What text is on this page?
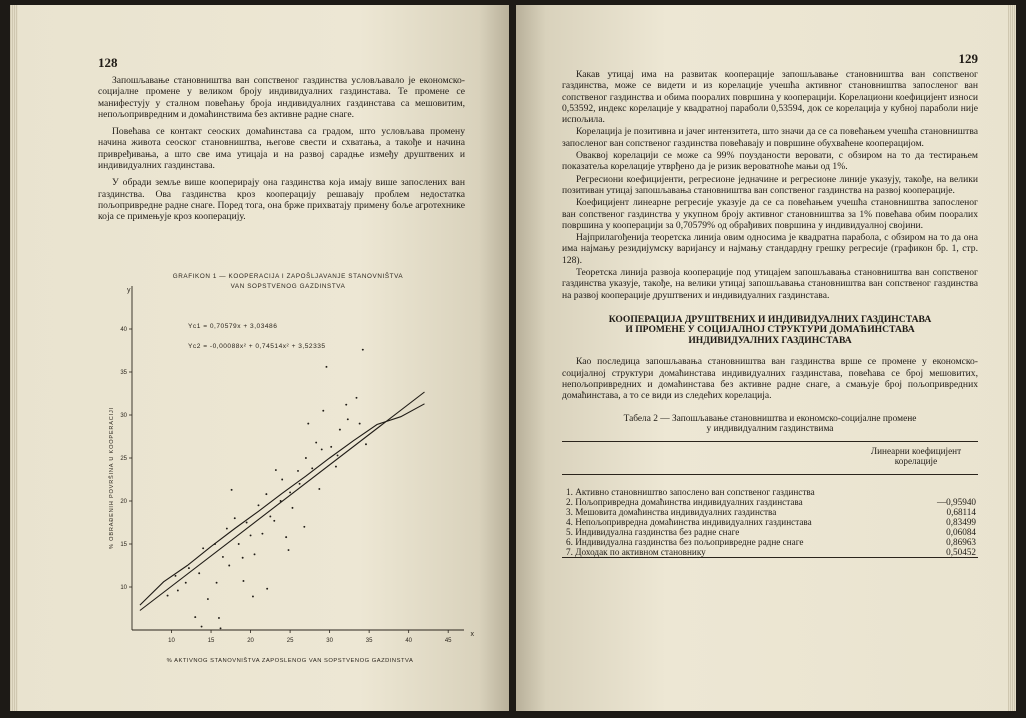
128

Запошљавање становништва ван сопственог газдинства условљавало је економско-социјалне промене у великом броју индивидуалних газдинстава. Те промене се манифестују у сталном повећању броја индивидуалних газдинстава са мешовитим, непољопривредним и домаћинствима без активне радне снаге.

Повећава се контакт сеоских домаћинстава са градом, што условљава промену начина живота сеоског становништва, његове свести и схватања, а такође и начина привређивања, а што све има утицаја и на развој сарадње између друштвених и индивидуалних газдинстава.

У обради земље више кооперирају она газдинства која имају више запослених ван газдинства. Ова газдинства кроз кооперацију решавају проблем недостатка пољопривредне радне снаге. Поред тога, она брже прихватају примену боље агротехнике која се примењује кроз кооперацију.

GRAFIKON 1 — KOOPERACIJA I ZAPOŠLJAVANJE STANOVNIŠTVA
VAN SOPSTVENOG GAZDINSTVA
% OBRAĐENIH POVRŠINA U KOOPERACIJI
% AKTIVNOG STANOVNIŠTVA ZAPOSLENOG VAN SOPSTVENOG GAZDINSTVA
Yc1 = 0,70579x + 3,03486
Yc2 = -0,00088x² + 0,74514x² + 3,52335
y
x
10	15	20	25	30	35	40	45
10
15
20
25
30
35
40
129

Какав утицај има на развитак кооперације запошљавање становништва ван сопственог газдинства, може се видети и из корелације учешћа активног становништва запосленог ван сопственог газдинства и обима пооралих површина у кооперацији. Корелациони коефицијент износи 0,53592, индекс корелације у квадратној параболи 0,53594, док се корелација у кубној параболи није испољила.

Корелација је позитивна и јачег интензитета, што значи да се са повећањем учешћа становништва запосленог ван сопственог газдинства повећавају и површине обухваћене кооперацијом.

Оваквој корелацији се може са 99% поузданости веровати, с обзиром на то да тестирањем показатеља корелације утврђено да је ризик вероватноће мањи од 1%.

Регресиони коефицијенти, регресионе једначине и регресионе линије указују, такође, на велики позитиван утицај запошљавања становништва ван сопственог газдинства на развој кооперације.

Коефицијент линеарне регресије указује да се са повећањем учешћа становништва запосленог ван сопственог газдинства у укупном броју активног становништва за 1% повећава обим пооралих површина у кооперацији за 0,70579% од обрађивих површина у индивидуалној својини.

Најприлагођенија теоретска линија овим односима је квадратна парабола, с обзиром на то да она има најмању резидијумску варијансу и најмању стандардну грешку регресије (графикон бр. 1, стр. 128).

Теоретска линија развоја кооперације под утицајем запошљавања становништва ван сопственог газдинства указује, такође, на велики утицај запошљавања становништва ван сопственог газдинства на развој кооперације друштвених и индивидуалних газдинстава.

КООПЕРАЦИЈА ДРУШТВЕНИХ И ИНДИВИДУАЛНИХ ГАЗДИНСТАВА
И ПРОМЕНЕ У СОЦИЈАЛНОЈ СТРУКТУРИ ДОМАЋИНСТАВА
ИНДИВИДУАЛНИХ ГАЗДИНСТАВА

Као последица запошљавања становништва ван газдинства врше се промене у економско-социјалној структури домаћинстава индивидуалних газдинстава, повећава се број мешовитих, непољопривредних и домаћинстава без активне радне снаге, а смањује број пољопривредних домаћинстава, а то се види из следећих корелација.

Табела 2 — Запошљавање становништва и економско-социјалне промене
у индивидуалним газдинствима
Линеарни коефицијент корелације	
1. Активно становништво запослено ван сопственог газдинства	
2. Пољопривредна домаћинства индивидуалних газдинстава	—0,95940
3. Мешовита домаћинства индивидуалних газдинства	0,68114
4. Непољопривредна домаћинства индивидуалних газдинстава	0,83499
5. Индивидуална газдинства без радне снаге	0,06084
6. Индивидуална газдинства без пољопривредне радне снаге	0,86963
7. Доходак по активном становнику	0,50452
